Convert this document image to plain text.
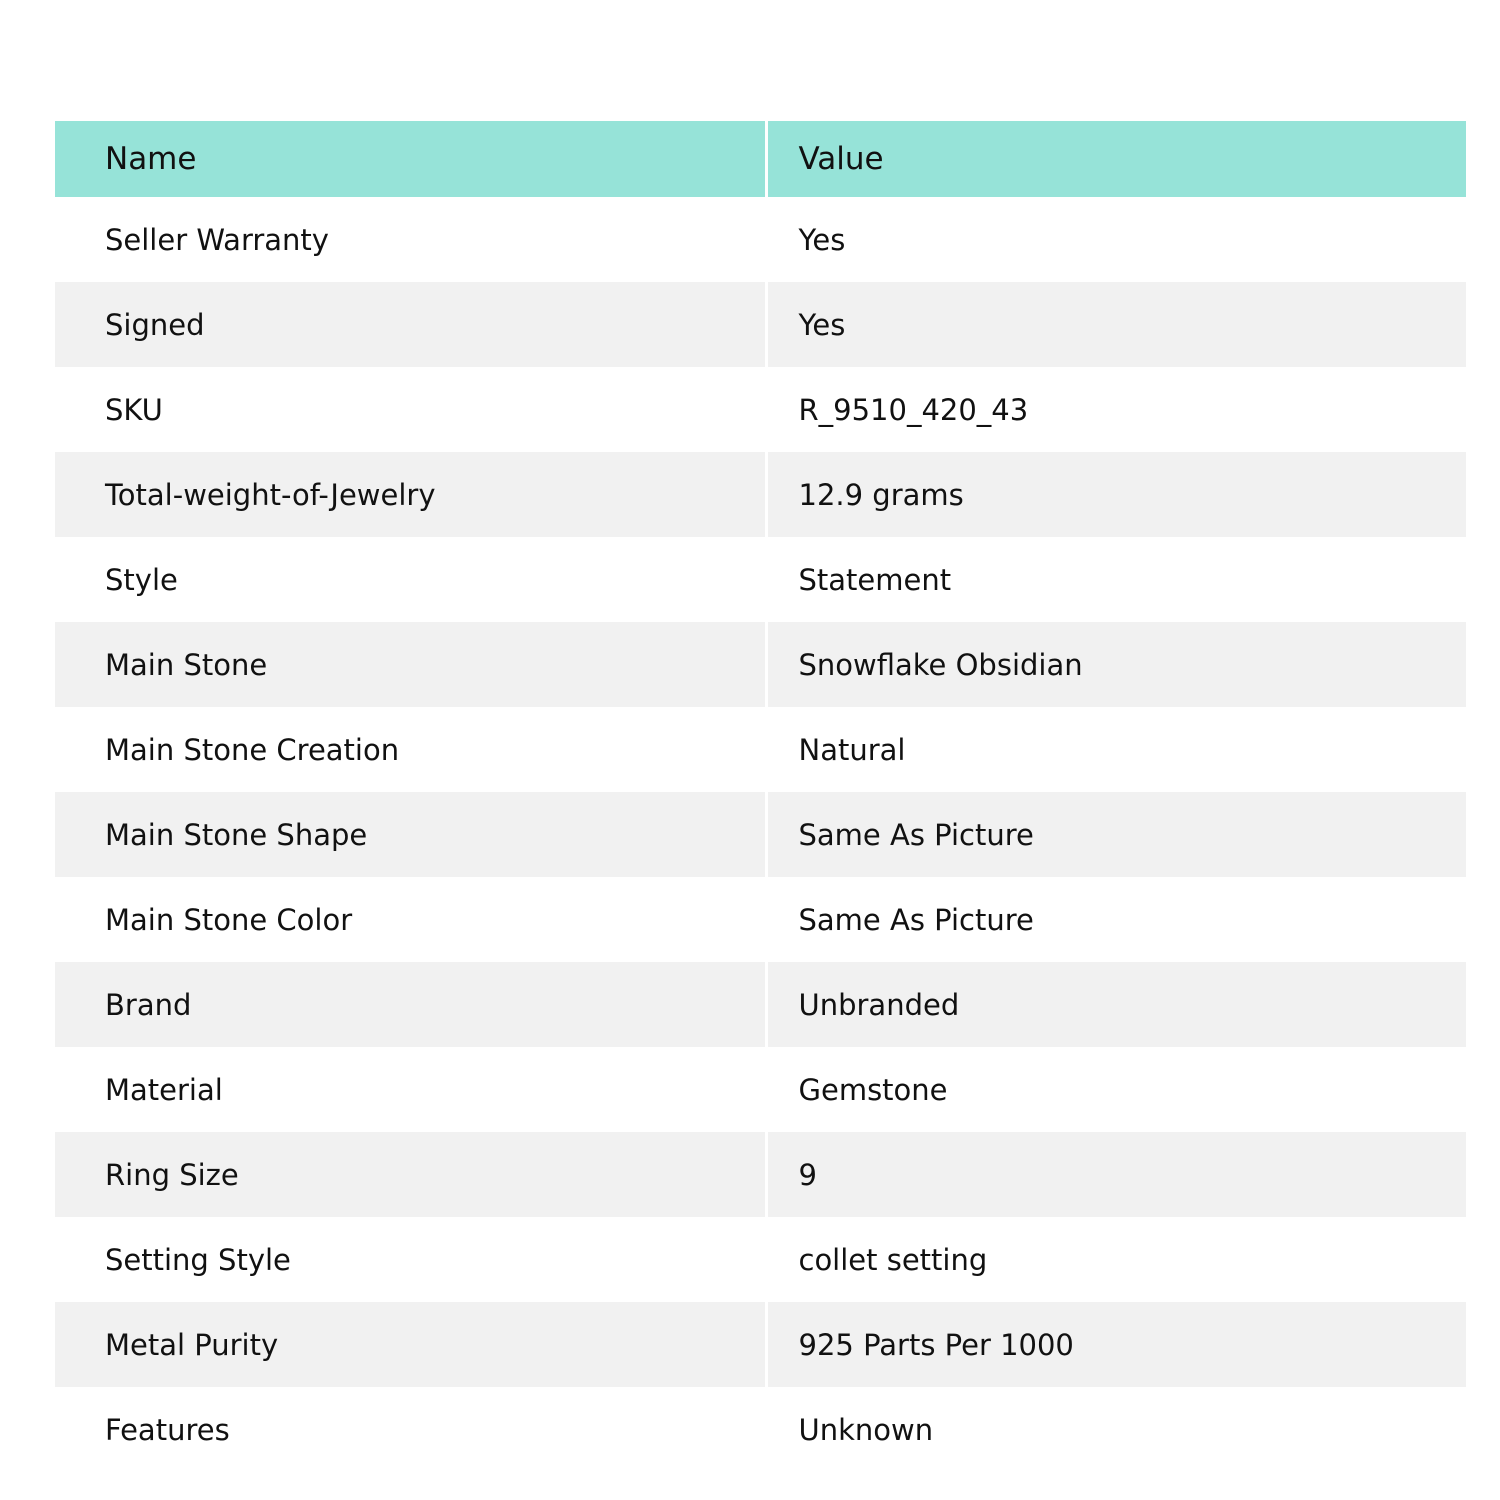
Name	Value
Seller Warranty	Yes
Signed	Yes
SKU	R_9510_420_43
Total-weight-of-Jewelry	12.9 grams
Style	Statement
Main Stone	Snowflake Obsidian
Main Stone Creation	Natural
Main Stone Shape	Same As Picture
Main Stone Color	Same As Picture
Brand	Unbranded
Material	Gemstone
Ring Size	9
Setting Style	collet setting
Metal Purity	925 Parts Per 1000
Features	Unknown
